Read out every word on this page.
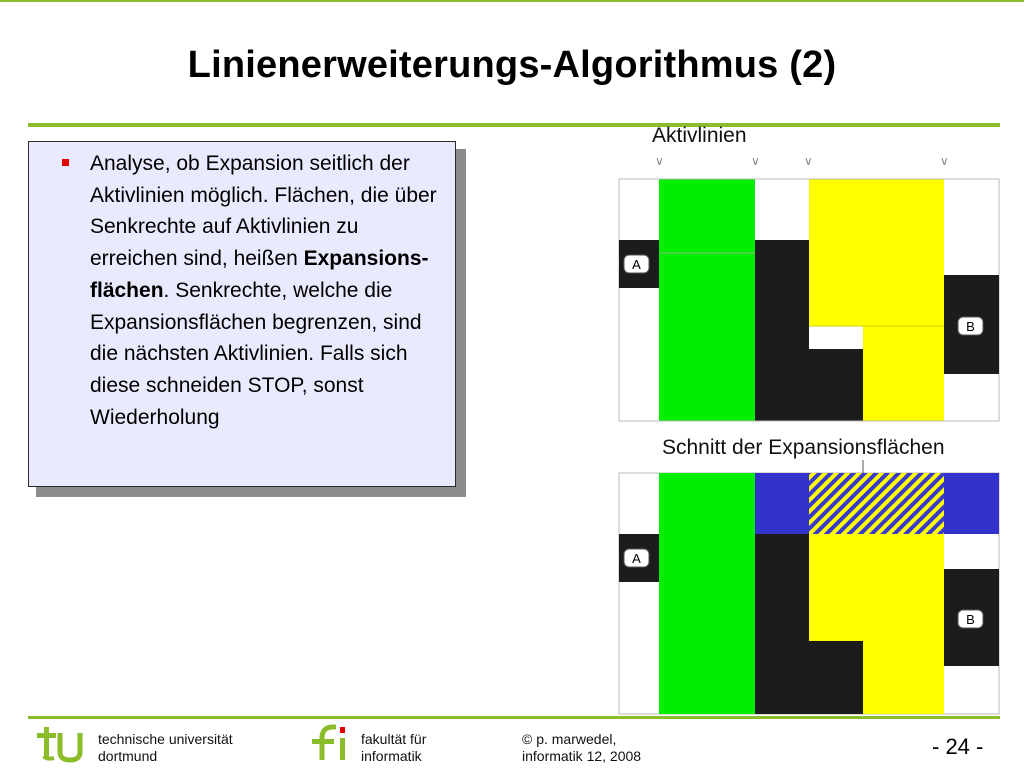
Linienerweiterungs-Algorithmus (2)
Analyse, ob Expansion seitlich der Aktivlinien möglich. Flächen, die über Senkrechte auf Aktivlinien zu erreichen sind, heißen Expansions- flächen. Senkrechte, welche die Expansionsflächen begrenzen, sind die nächsten Aktivlinien. Falls sich diese schneiden STOP, sonst Wiederholung
Aktivlinien
Schnitt der Expansionsflächen
∨	∨	∨	∨
A
B
A
B
technische universität
dortmund
fakultät für
informatik
© p. marwedel,
informatik 12, 2008	- 24 -
